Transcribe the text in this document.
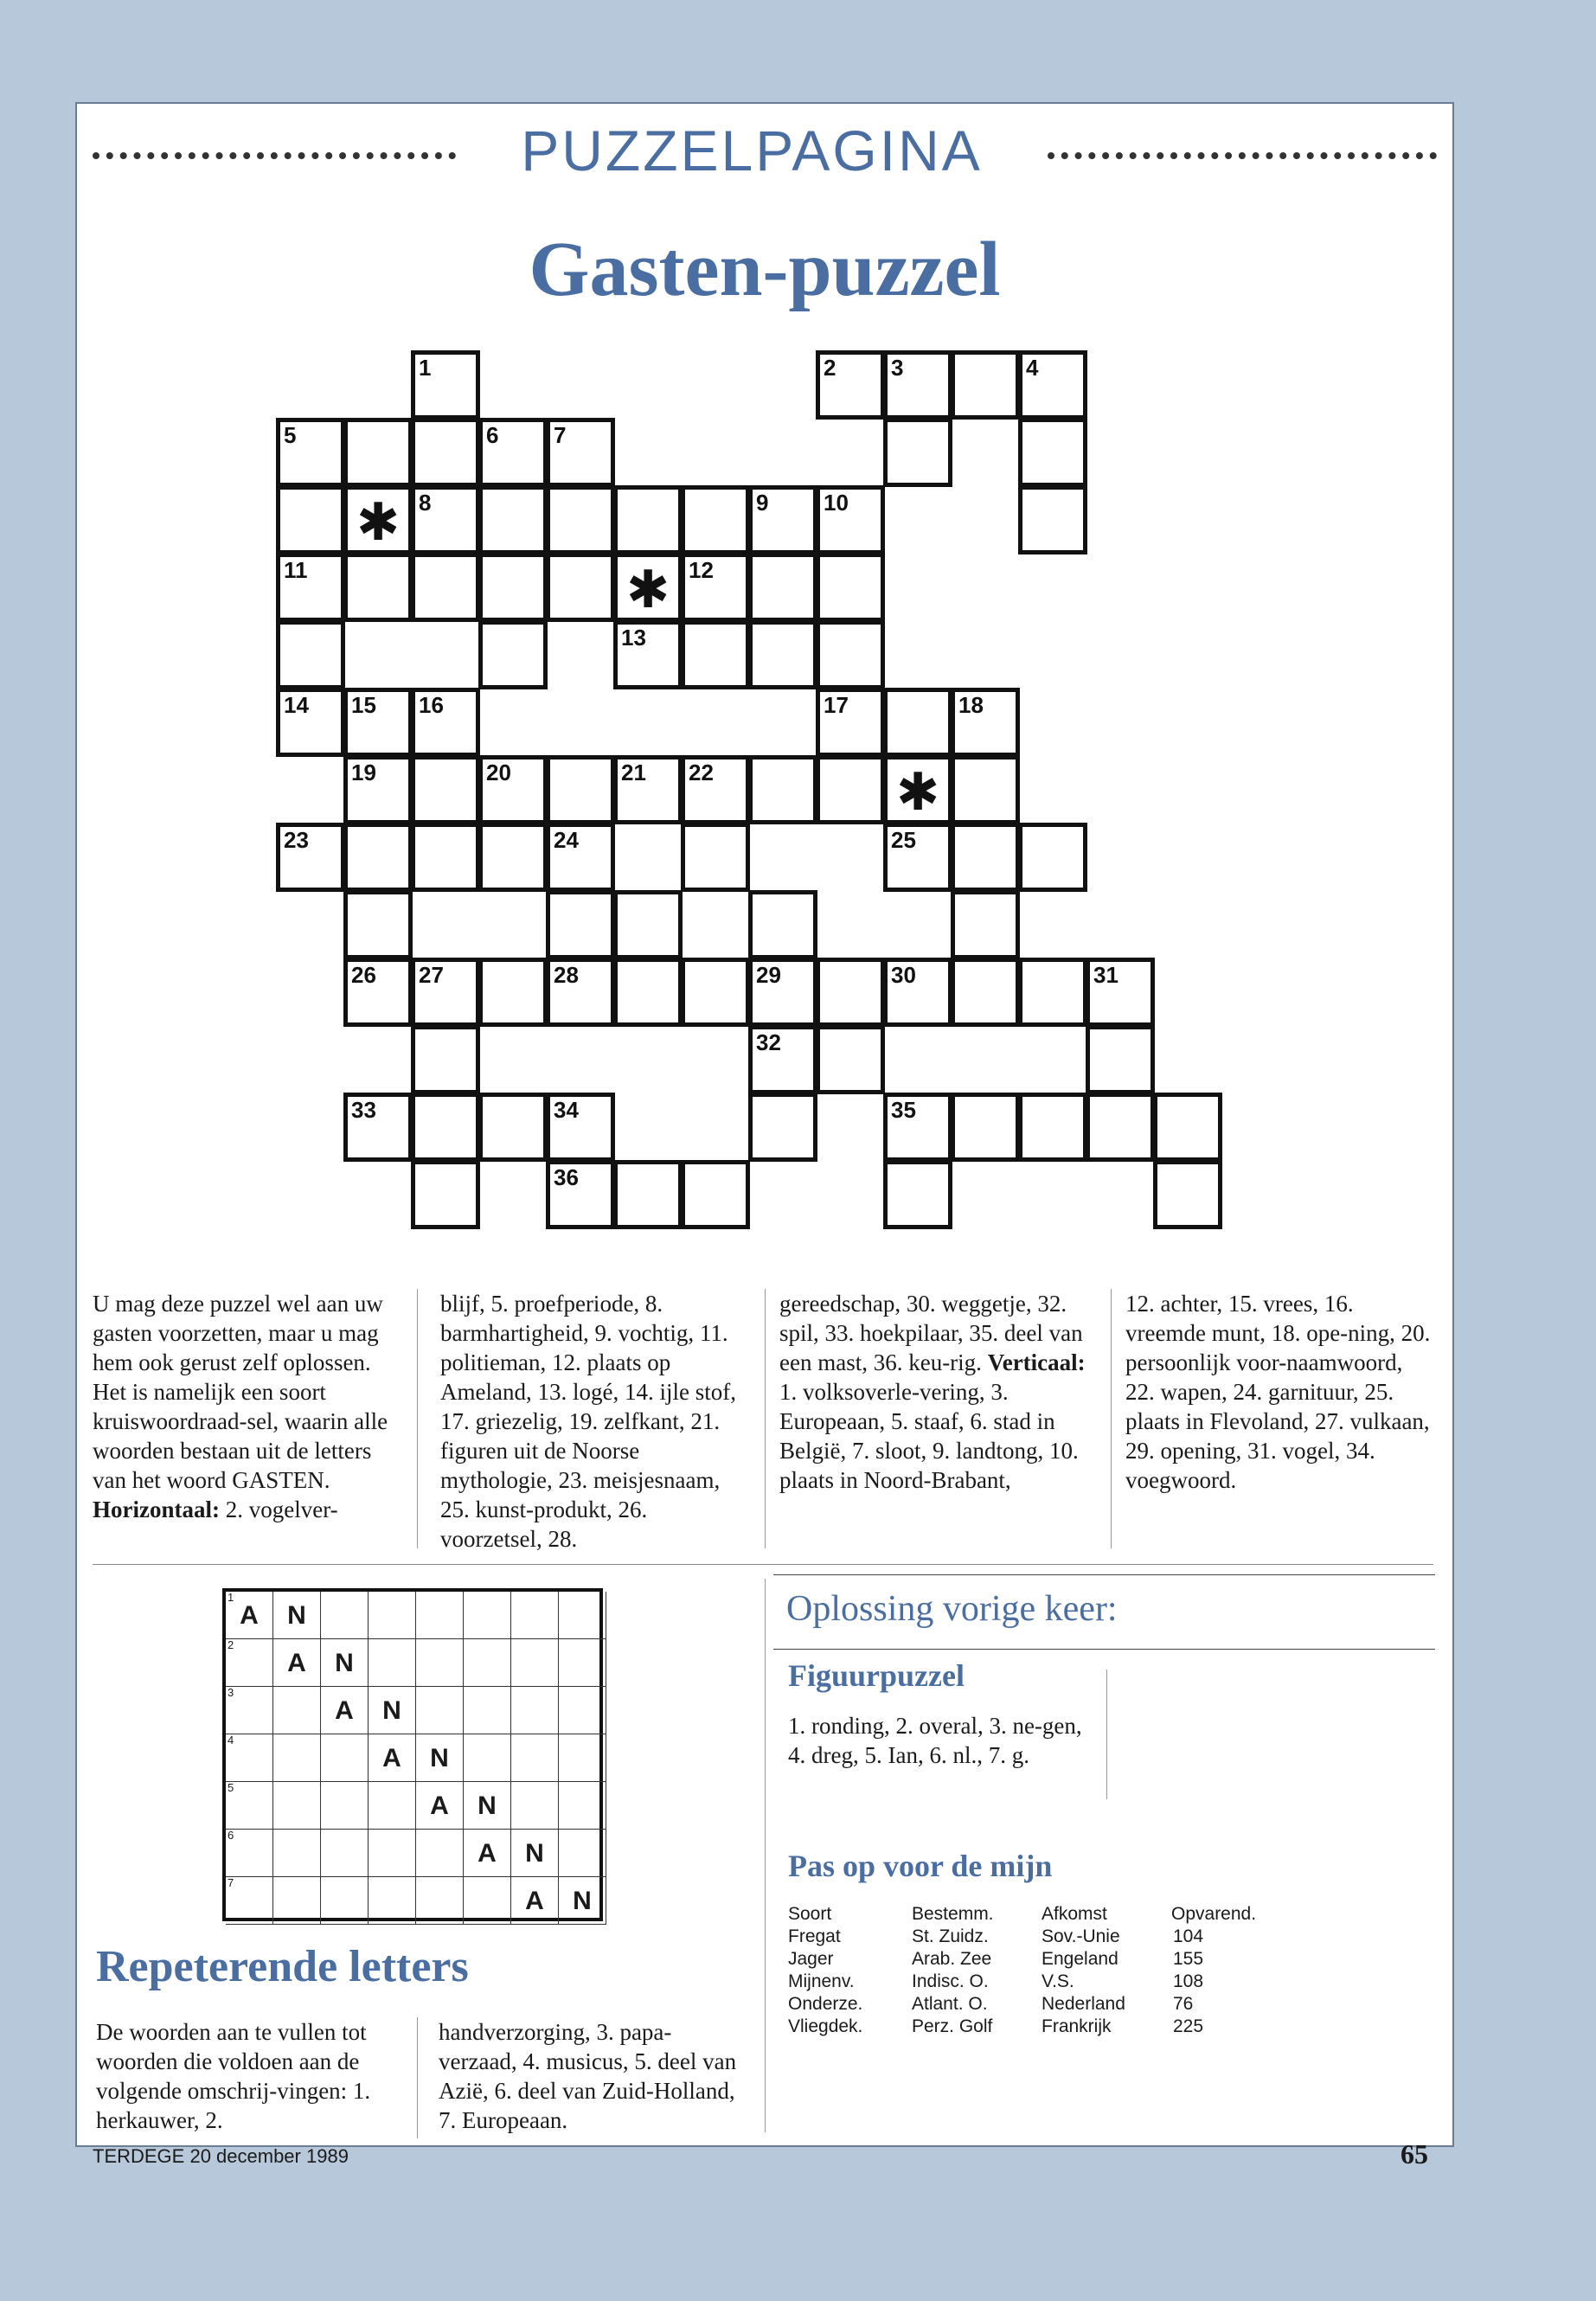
PUZZELPAGINA
Gasten-puzzel
1	2 3	4
5	6 7
✱ 8	9 10
11	✱ 12
13
14 15 16	17	18
19	20	21 22	✱
23	24	25
26 27	28	29	30	31
32
33	34	35
36
U mag deze puzzel wel aan uw gasten voorzetten, maar u mag hem ook gerust zelf oplossen. Het is namelijk een soort kruiswoordraad-sel, waarin alle woorden bestaan uit de letters van het woord GASTEN. Horizontaal: 2. vogelver-
blijf, 5. proefperiode, 8. barmhartigheid, 9. vochtig, 11. politieman, 12. plaats op Ameland, 13. logé, 14. ijle stof, 17. griezelig, 19. zelfkant, 21. figuren uit de Noorse mythologie, 23. meisjesnaam, 25. kunst-produkt, 26. voorzetsel, 28.
gereedschap, 30. weggetje, 32. spil, 33. hoekpilaar, 35. deel van een mast, 36. keu-rig. Verticaal: 1. volksoverle-vering, 3. Europeaan, 5. staaf, 6. stad in België, 7. sloot, 9. landtong, 10. plaats in Noord-Brabant,
12. achter, 15. vrees, 16. vreemde munt, 18. ope-ning, 20. persoonlijk voor-naamwoord, 22. wapen, 24. garnituur, 25. plaats in Flevoland, 27. vulkaan, 29. opening, 31. vogel, 34. voegwoord.
A
1
N
2
A	N
3
A	N
4
A	N
5
A	N
6
A	N
7
A	N
Repeterende letters
De woorden aan te vullen tot woorden die voldoen aan de volgende omschrij-vingen: 1. herkauwer, 2.
handverzorging, 3. papa-verzaad, 4. musicus, 5. deel van Azië, 6. deel van Zuid-Holland, 7. Europeaan.
Oplossing vorige keer:
Figuurpuzzel
1. ronding, 2. overal, 3. ne-gen, 4. dreg, 5. Ian, 6. nl., 7. g.
Pas op voor de mijn
Soort	Bestemm.	Afkomst	Opvarend.
Fregat	St. Zuidz.	Sov.-Unie	104
Jager	Arab. Zee	Engeland	155
Mijnenv.	Indisc. O.	V.S.	108
Onderze.	Atlant. O.	Nederland	76
Vliegdek.	Perz. Golf	Frankrijk	225
TERDEGE 20 december 1989	65
